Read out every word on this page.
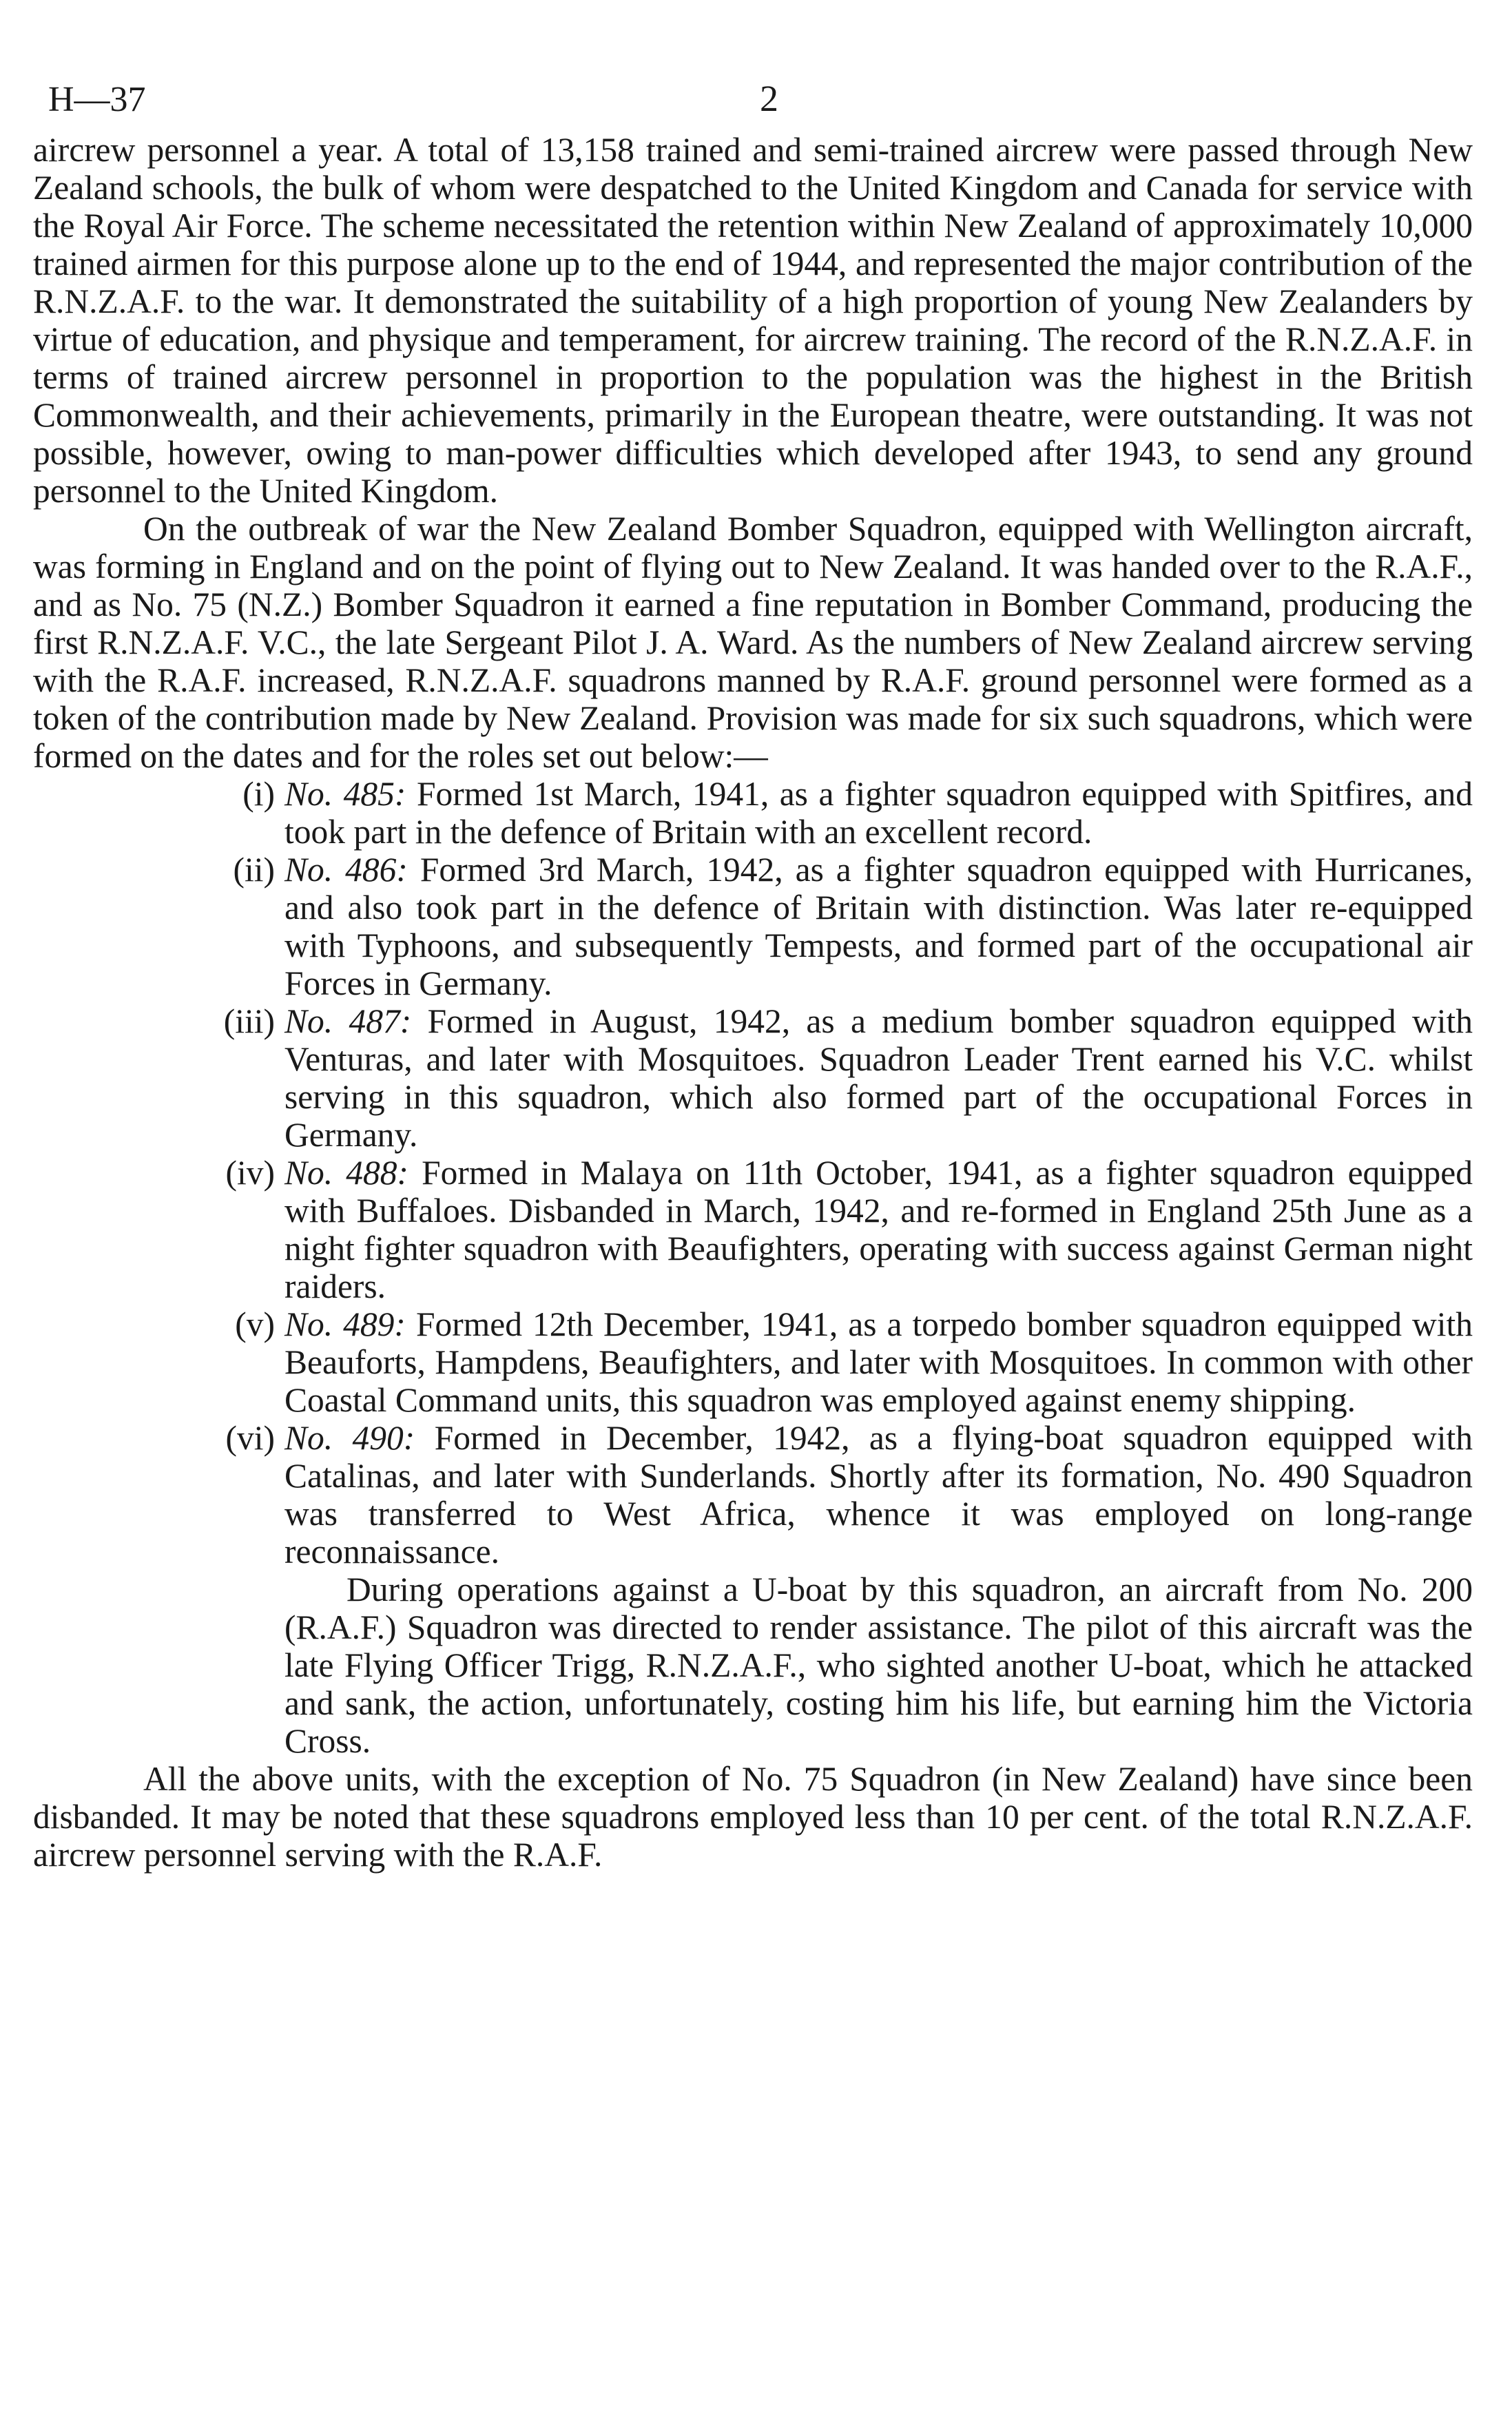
H—37	2

aircrew personnel a year. A total of 13,158 trained and semi-trained aircrew were passed through New Zealand schools, the bulk of whom were despatched to the United Kingdom and Canada for service with the Royal Air Force. The scheme necessitated the retention within New Zealand of approximately 10,000 trained airmen for this purpose alone up to the end of 1944, and represented the major contribution of the R.N.Z.A.F. to the war. It demonstrated the suitability of a high proportion of young New Zealanders by virtue of education, and physique and temperament, for aircrew training. The record of the R.N.Z.A.F. in terms of trained aircrew personnel in proportion to the population was the highest in the British Commonwealth, and their achievements, primarily in the European theatre, were outstanding. It was not possible, however, owing to man-power difficulties which developed after 1943, to send any ground personnel to the United Kingdom.

On the outbreak of war the New Zealand Bomber Squadron, equipped with Wellington aircraft, was forming in England and on the point of flying out to New Zealand. It was handed over to the R.A.F., and as No. 75 (N.Z.) Bomber Squadron it earned a fine reputation in Bomber Command, producing the first R.N.Z.A.F. V.C., the late Sergeant Pilot J. A. Ward. As the numbers of New Zealand aircrew serving with the R.A.F. increased, R.N.Z.A.F. squadrons manned by R.A.F. ground personnel were formed as a token of the contribution made by New Zealand. Provision was made for six such squadrons, which were formed on the dates and for the roles set out below:—

(i) No. 485: Formed 1st March, 1941, as a fighter squadron equipped with Spitfires, and took part in the defence of Britain with an excellent record.
(ii) No. 486: Formed 3rd March, 1942, as a fighter squadron equipped with Hurricanes, and also took part in the defence of Britain with distinction. Was later re-equipped with Typhoons, and subsequently Tempests, and formed part of the occupational air Forces in Germany.
(iii) No. 487: Formed in August, 1942, as a medium bomber squadron equipped with Venturas, and later with Mosquitoes. Squadron Leader Trent earned his V.C. whilst serving in this squadron, which also formed part of the occupational Forces in Germany.
(iv) No. 488: Formed in Malaya on 11th October, 1941, as a fighter squadron equipped with Buffaloes. Disbanded in March, 1942, and re-formed in England 25th June as a night fighter squadron with Beaufighters, operating with success against German night raiders.
(v) No. 489: Formed 12th December, 1941, as a torpedo bomber squadron equipped with Beauforts, Hampdens, Beaufighters, and later with Mosquitoes. In common with other Coastal Command units, this squadron was employed against enemy shipping.
(vi) No. 490: Formed in December, 1942, as a flying-boat squadron equipped with Catalinas, and later with Sunderlands. Shortly after its formation, No. 490 Squadron was transferred to West Africa, whence it was employed on long-range reconnaissance.

During operations against a U-boat by this squadron, an aircraft from No. 200 (R.A.F.) Squadron was directed to render assistance. The pilot of this aircraft was the late Flying Officer Trigg, R.N.Z.A.F., who sighted another U-boat, which he attacked and sank, the action, unfortunately, costing him his life, but earning him the Victoria Cross.

All the above units, with the exception of No. 75 Squadron (in New Zealand) have since been disbanded. It may be noted that these squadrons employed less than 10 per cent. of the total R.N.Z.A.F. aircrew personnel serving with the R.A.F.
